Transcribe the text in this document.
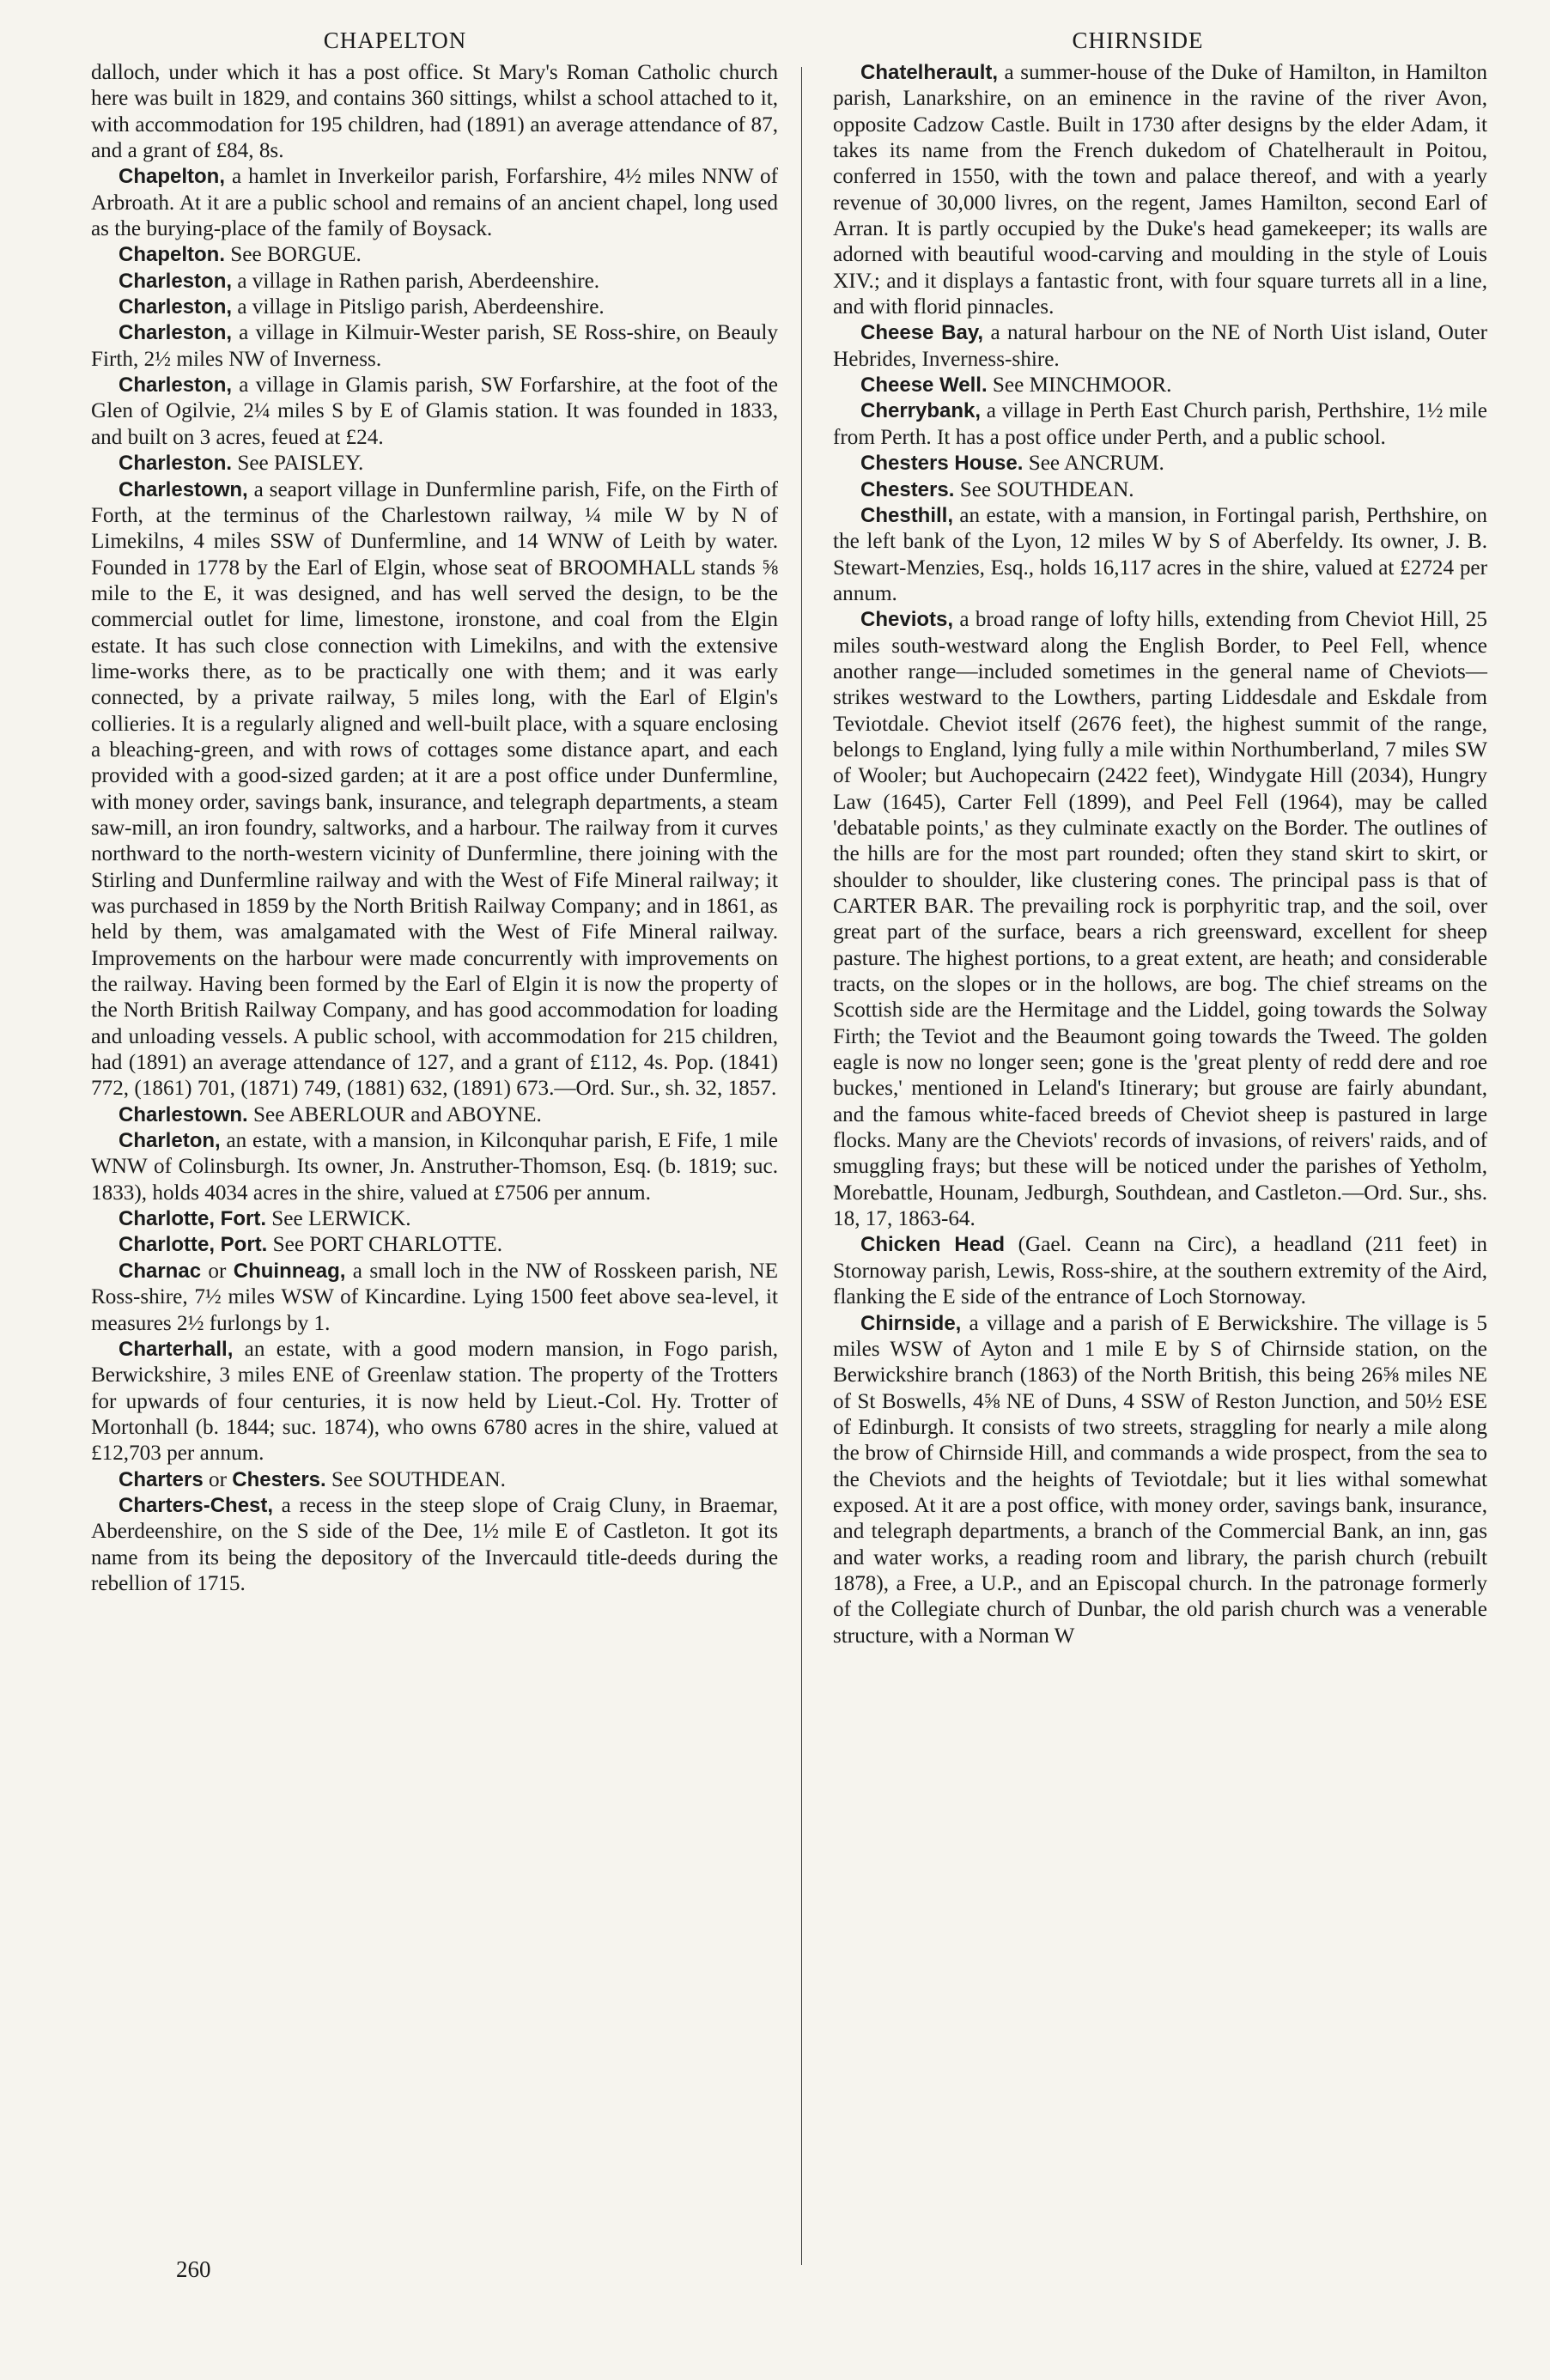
CHAPELTON	CHIRNSIDE

dalloch, under which it has a post office. St Mary's Roman Catholic church here was built in 1829, and contains 360 sittings, whilst a school attached to it, with accommodation for 195 children, had (1891) an average attendance of 87, and a grant of £84, 8s.

Chapelton, a hamlet in Inverkeilor parish, Forfarshire, 4½ miles NNW of Arbroath. At it are a public school and remains of an ancient chapel, long used as the burying-place of the family of Boysack.

Chapelton. See BORGUE.

Charleston, a village in Rathen parish, Aberdeenshire.

Charleston, a village in Pitsligo parish, Aberdeenshire.

Charleston, a village in Kilmuir-Wester parish, SE Ross-shire, on Beauly Firth, 2½ miles NW of Inverness.

Charleston, a village in Glamis parish, SW Forfarshire, at the foot of the Glen of Ogilvie, 2¼ miles S by E of Glamis station. It was founded in 1833, and built on 3 acres, feued at £24.

Charleston. See PAISLEY.

Charlestown, a seaport village in Dunfermline parish, Fife, on the Firth of Forth, at the terminus of the Charlestown railway, ¼ mile W by N of Limekilns, 4 miles SSW of Dunfermline, and 14 WNW of Leith by water. Founded in 1778 by the Earl of Elgin, whose seat of BROOMHALL stands ⅝ mile to the E, it was designed, and has well served the design, to be the commercial outlet for lime, limestone, ironstone, and coal from the Elgin estate. It has such close connection with Limekilns, and with the extensive lime-works there, as to be practically one with them; and it was early connected, by a private railway, 5 miles long, with the Earl of Elgin's collieries. It is a regularly aligned and well-built place, with a square enclosing a bleaching-green, and with rows of cottages some distance apart, and each provided with a good-sized garden; at it are a post office under Dunfermline, with money order, savings bank, insurance, and telegraph departments, a steam saw-mill, an iron foundry, saltworks, and a harbour. The railway from it curves northward to the north-western vicinity of Dunfermline, there joining with the Stirling and Dunfermline railway and with the West of Fife Mineral railway; it was purchased in 1859 by the North British Railway Company; and in 1861, as held by them, was amalgamated with the West of Fife Mineral railway. Improvements on the harbour were made concurrently with improvements on the railway. Having been formed by the Earl of Elgin it is now the property of the North British Railway Company, and has good accommodation for loading and unloading vessels. A public school, with accommodation for 215 children, had (1891) an average attendance of 127, and a grant of £112, 4s. Pop. (1841) 772, (1861) 701, (1871) 749, (1881) 632, (1891) 673.—Ord. Sur., sh. 32, 1857.

Charlestown. See ABERLOUR and ABOYNE.

Charleton, an estate, with a mansion, in Kilconquhar parish, E Fife, 1 mile WNW of Colinsburgh. Its owner, Jn. Anstruther-Thomson, Esq. (b. 1819; suc. 1833), holds 4034 acres in the shire, valued at £7506 per annum.

Charlotte, Fort. See LERWICK.

Charlotte, Port. See PORT CHARLOTTE.

Charnac or Chuinneag, a small loch in the NW of Rosskeen parish, NE Ross-shire, 7½ miles WSW of Kincardine. Lying 1500 feet above sea-level, it measures 2½ furlongs by 1.

Charterhall, an estate, with a good modern mansion, in Fogo parish, Berwickshire, 3 miles ENE of Greenlaw station. The property of the Trotters for upwards of four centuries, it is now held by Lieut.-Col. Hy. Trotter of Mortonhall (b. 1844; suc. 1874), who owns 6780 acres in the shire, valued at £12,703 per annum.

Charters or Chesters. See SOUTHDEAN.

Charters-Chest, a recess in the steep slope of Craig Cluny, in Braemar, Aberdeenshire, on the S side of the Dee, 1½ mile E of Castleton. It got its name from its being the depository of the Invercauld title-deeds during the rebellion of 1715.

Chatelherault, a summer-house of the Duke of Hamilton, in Hamilton parish, Lanarkshire, on an eminence in the ravine of the river Avon, opposite Cadzow Castle. Built in 1730 after designs by the elder Adam, it takes its name from the French dukedom of Chatelherault in Poitou, conferred in 1550, with the town and palace thereof, and with a yearly revenue of 30,000 livres, on the regent, James Hamilton, second Earl of Arran. It is partly occupied by the Duke's head gamekeeper; its walls are adorned with beautiful wood-carving and moulding in the style of Louis XIV.; and it displays a fantastic front, with four square turrets all in a line, and with florid pinnacles.

Cheese Bay, a natural harbour on the NE of North Uist island, Outer Hebrides, Inverness-shire.

Cheese Well. See MINCHMOOR.

Cherrybank, a village in Perth East Church parish, Perthshire, 1½ mile from Perth. It has a post office under Perth, and a public school.

Chesters House. See ANCRUM.

Chesters. See SOUTHDEAN.

Chesthill, an estate, with a mansion, in Fortingal parish, Perthshire, on the left bank of the Lyon, 12 miles W by S of Aberfeldy. Its owner, J. B. Stewart-Menzies, Esq., holds 16,117 acres in the shire, valued at £2724 per annum.

Cheviots, a broad range of lofty hills, extending from Cheviot Hill, 25 miles south-westward along the English Border, to Peel Fell, whence another range—included sometimes in the general name of Cheviots—strikes westward to the Lowthers, parting Liddesdale and Eskdale from Teviotdale. Cheviot itself (2676 feet), the highest summit of the range, belongs to England, lying fully a mile within Northumberland, 7 miles SW of Wooler; but Auchopecairn (2422 feet), Windygate Hill (2034), Hungry Law (1645), Carter Fell (1899), and Peel Fell (1964), may be called 'debatable points,' as they culminate exactly on the Border. The outlines of the hills are for the most part rounded; often they stand skirt to skirt, or shoulder to shoulder, like clustering cones. The principal pass is that of CARTER BAR. The prevailing rock is porphyritic trap, and the soil, over great part of the surface, bears a rich greensward, excellent for sheep pasture. The highest portions, to a great extent, are heath; and considerable tracts, on the slopes or in the hollows, are bog. The chief streams on the Scottish side are the Hermitage and the Liddel, going towards the Solway Firth; the Teviot and the Beaumont going towards the Tweed. The golden eagle is now no longer seen; gone is the 'great plenty of redd dere and roe buckes,' mentioned in Leland's Itinerary; but grouse are fairly abundant, and the famous white-faced breeds of Cheviot sheep is pastured in large flocks. Many are the Cheviots' records of invasions, of reivers' raids, and of smuggling frays; but these will be noticed under the parishes of Yetholm, Morebattle, Hounam, Jedburgh, Southdean, and Castleton.—Ord. Sur., shs. 18, 17, 1863-64.

Chicken Head (Gael. Ceann na Circ), a headland (211 feet) in Stornoway parish, Lewis, Ross-shire, at the southern extremity of the Aird, flanking the E side of the entrance of Loch Stornoway.

Chirnside, a village and a parish of E Berwickshire. The village is 5 miles WSW of Ayton and 1 mile E by S of Chirnside station, on the Berwickshire branch (1863) of the North British, this being 26⅝ miles NE of St Boswells, 4⅝ NE of Duns, 4 SSW of Reston Junction, and 50½ ESE of Edinburgh. It consists of two streets, straggling for nearly a mile along the brow of Chirnside Hill, and commands a wide prospect, from the sea to the Cheviots and the heights of Teviotdale; but it lies withal somewhat exposed. At it are a post office, with money order, savings bank, insurance, and telegraph departments, a branch of the Commercial Bank, an inn, gas and water works, a reading room and library, the parish church (rebuilt 1878), a Free, a U.P., and an Episcopal church. In the patronage formerly of the Collegiate church of Dunbar, the old parish church was a venerable structure, with a Norman W

260
